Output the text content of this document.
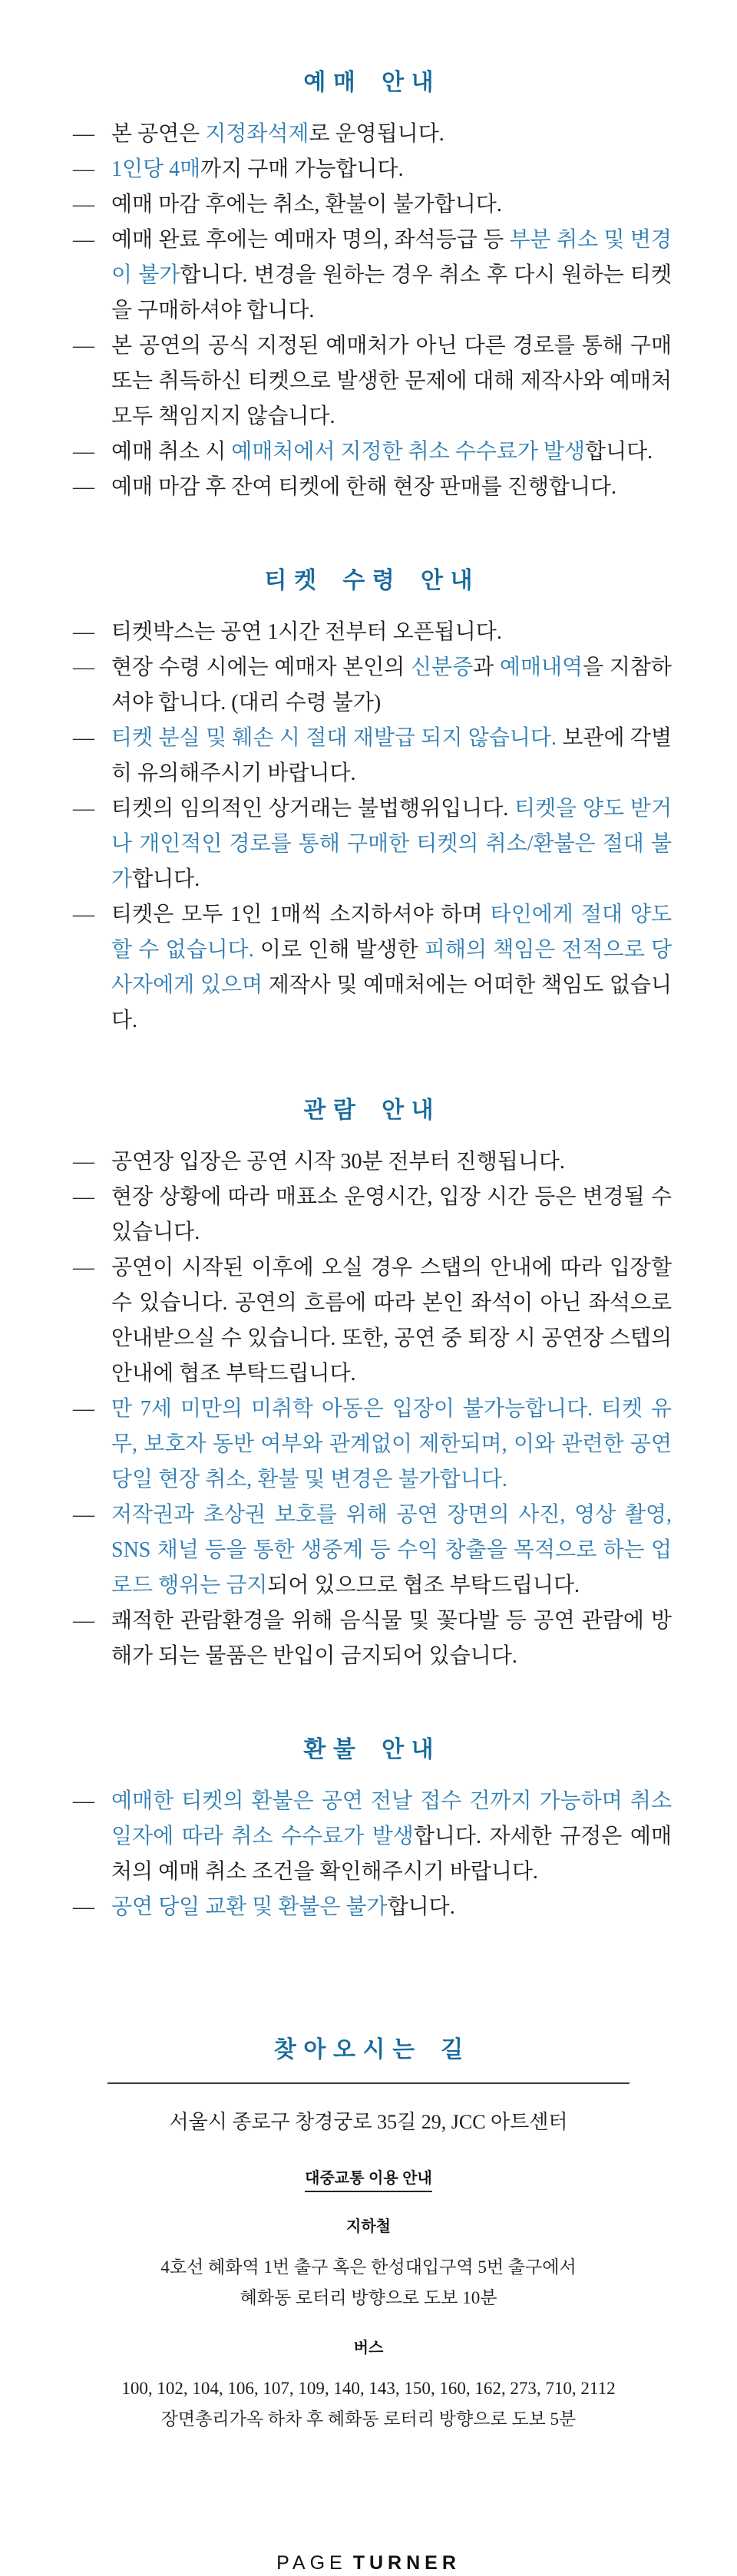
예매 안내
— 본 공연은 지정좌석제로 운영됩니다.
— 1인당 4매까지 구매 가능합니다.
— 예매 마감 후에는 취소, 환불이 불가합니다.
— 예매 완료 후에는 예매자 명의, 좌석등급 등 부분 취소 및 변경이 불가합니다. 변경을 원하는 경우 취소 후 다시 원하는 티켓을 구매하셔야 합니다.
— 본 공연의 공식 지정된 예매처가 아닌 다른 경로를 통해 구매 또는 취득하신 티켓으로 발생한 문제에 대해 제작사와 예매처 모두 책임지지 않습니다.
— 예매 취소 시 예매처에서 지정한 취소 수수료가 발생합니다.
— 예매 마감 후 잔여 티켓에 한해 현장 판매를 진행합니다.
티켓 수령 안내
— 티켓박스는 공연 1시간 전부터 오픈됩니다.
— 현장 수령 시에는 예매자 본인의 신분증과 예매내역을 지참하셔야 합니다. (대리 수령 불가)
— 티켓 분실 및 훼손 시 절대 재발급 되지 않습니다. 보관에 각별히 유의해주시기 바랍니다.
— 티켓의 임의적인 상거래는 불법행위입니다. 티켓을 양도 받거나 개인적인 경로를 통해 구매한 티켓의 취소/환불은 절대 불가합니다.
— 티켓은 모두 1인 1매씩 소지하셔야 하며 타인에게 절대 양도할 수 없습니다. 이로 인해 발생한 피해의 책임은 전적으로 당사자에게 있으며 제작사 및 예매처에는 어떠한 책임도 없습니다.
관람 안내
— 공연장 입장은 공연 시작 30분 전부터 진행됩니다.
— 현장 상황에 따라 매표소 운영시간, 입장 시간 등은 변경될 수 있습니다.
— 공연이 시작된 이후에 오실 경우 스탭의 안내에 따라 입장할 수 있습니다. 공연의 흐름에 따라 본인 좌석이 아닌 좌석으로 안내받으실 수 있습니다. 또한, 공연 중 퇴장 시 공연장 스텝의 안내에 협조 부탁드립니다.
— 만 7세 미만의 미취학 아동은 입장이 불가능합니다. 티켓 유무, 보호자 동반 여부와 관계없이 제한되며, 이와 관련한 공연 당일 현장 취소, 환불 및 변경은 불가합니다.
— 저작권과 초상권 보호를 위해 공연 장면의 사진, 영상 촬영, SNS 채널 등을 통한 생중계 등 수익 창출을 목적으로 하는 업로드 행위는 금지되어 있으므로 협조 부탁드립니다.
— 쾌적한 관람환경을 위해 음식물 및 꽃다발 등 공연 관람에 방해가 되는 물품은 반입이 금지되어 있습니다.
환불 안내
— 예매한 티켓의 환불은 공연 전날 접수 건까지 가능하며 취소일자에 따라 취소 수수료가 발생합니다. 자세한 규정은 예매처의 예매 취소 조건을 확인해주시기 바랍니다.
— 공연 당일 교환 및 환불은 불가합니다.
찾아오시는 길

서울시 종로구 창경궁로 35길 29, JCC 아트센터

대중교통 이용 안내

지하철

4호선 혜화역 1번 출구 혹은 한성대입구역 5번 출구에서
혜화동 로터리 방향으로 도보 10분

버스

100, 102, 104, 106, 107, 109, 140, 143, 150, 160, 162, 273, 710, 2112
장면총리가옥 하차 후 혜화동 로터리 방향으로 도보 5분
PAGE TURNER
